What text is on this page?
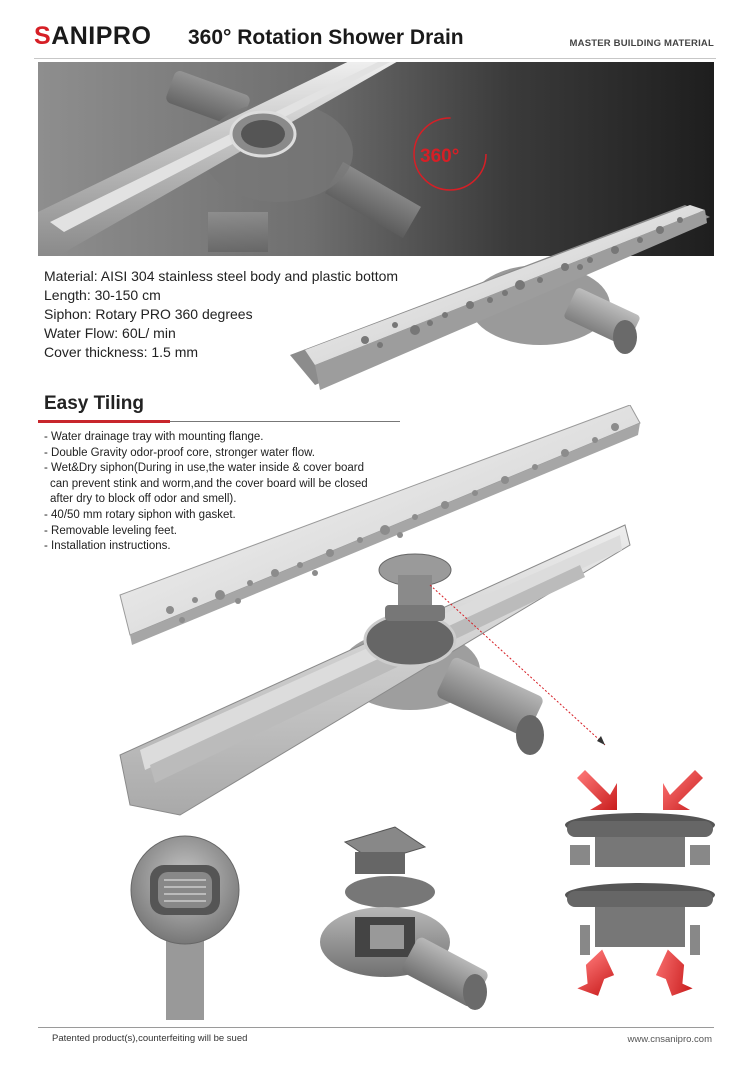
SANIPRO 360° Rotation Shower Drain	MASTER BUILDING MATERIAL
360°
Material: AISI 304 stainless steel body and plastic bottom
Length: 30-150 cm
Siphon: Rotary PRO 360 degrees
Water Flow: 60L/ min
Cover thickness: 1.5 mm
Easy Tiling
- Water drainage tray with mounting flange.
- Double Gravity odor-proof core, stronger water flow.
- Wet&Dry siphon(During in use,the water inside & cover board
can prevent stink and worm,and the cover board will be closed
after dry to block off odor and smell).
- 40/50 mm rotary siphon with gasket.
- Removable leveling feet.
- Installation instructions.
Patented product(s),counterfeiting will be sued	www.cnsanipro.com
